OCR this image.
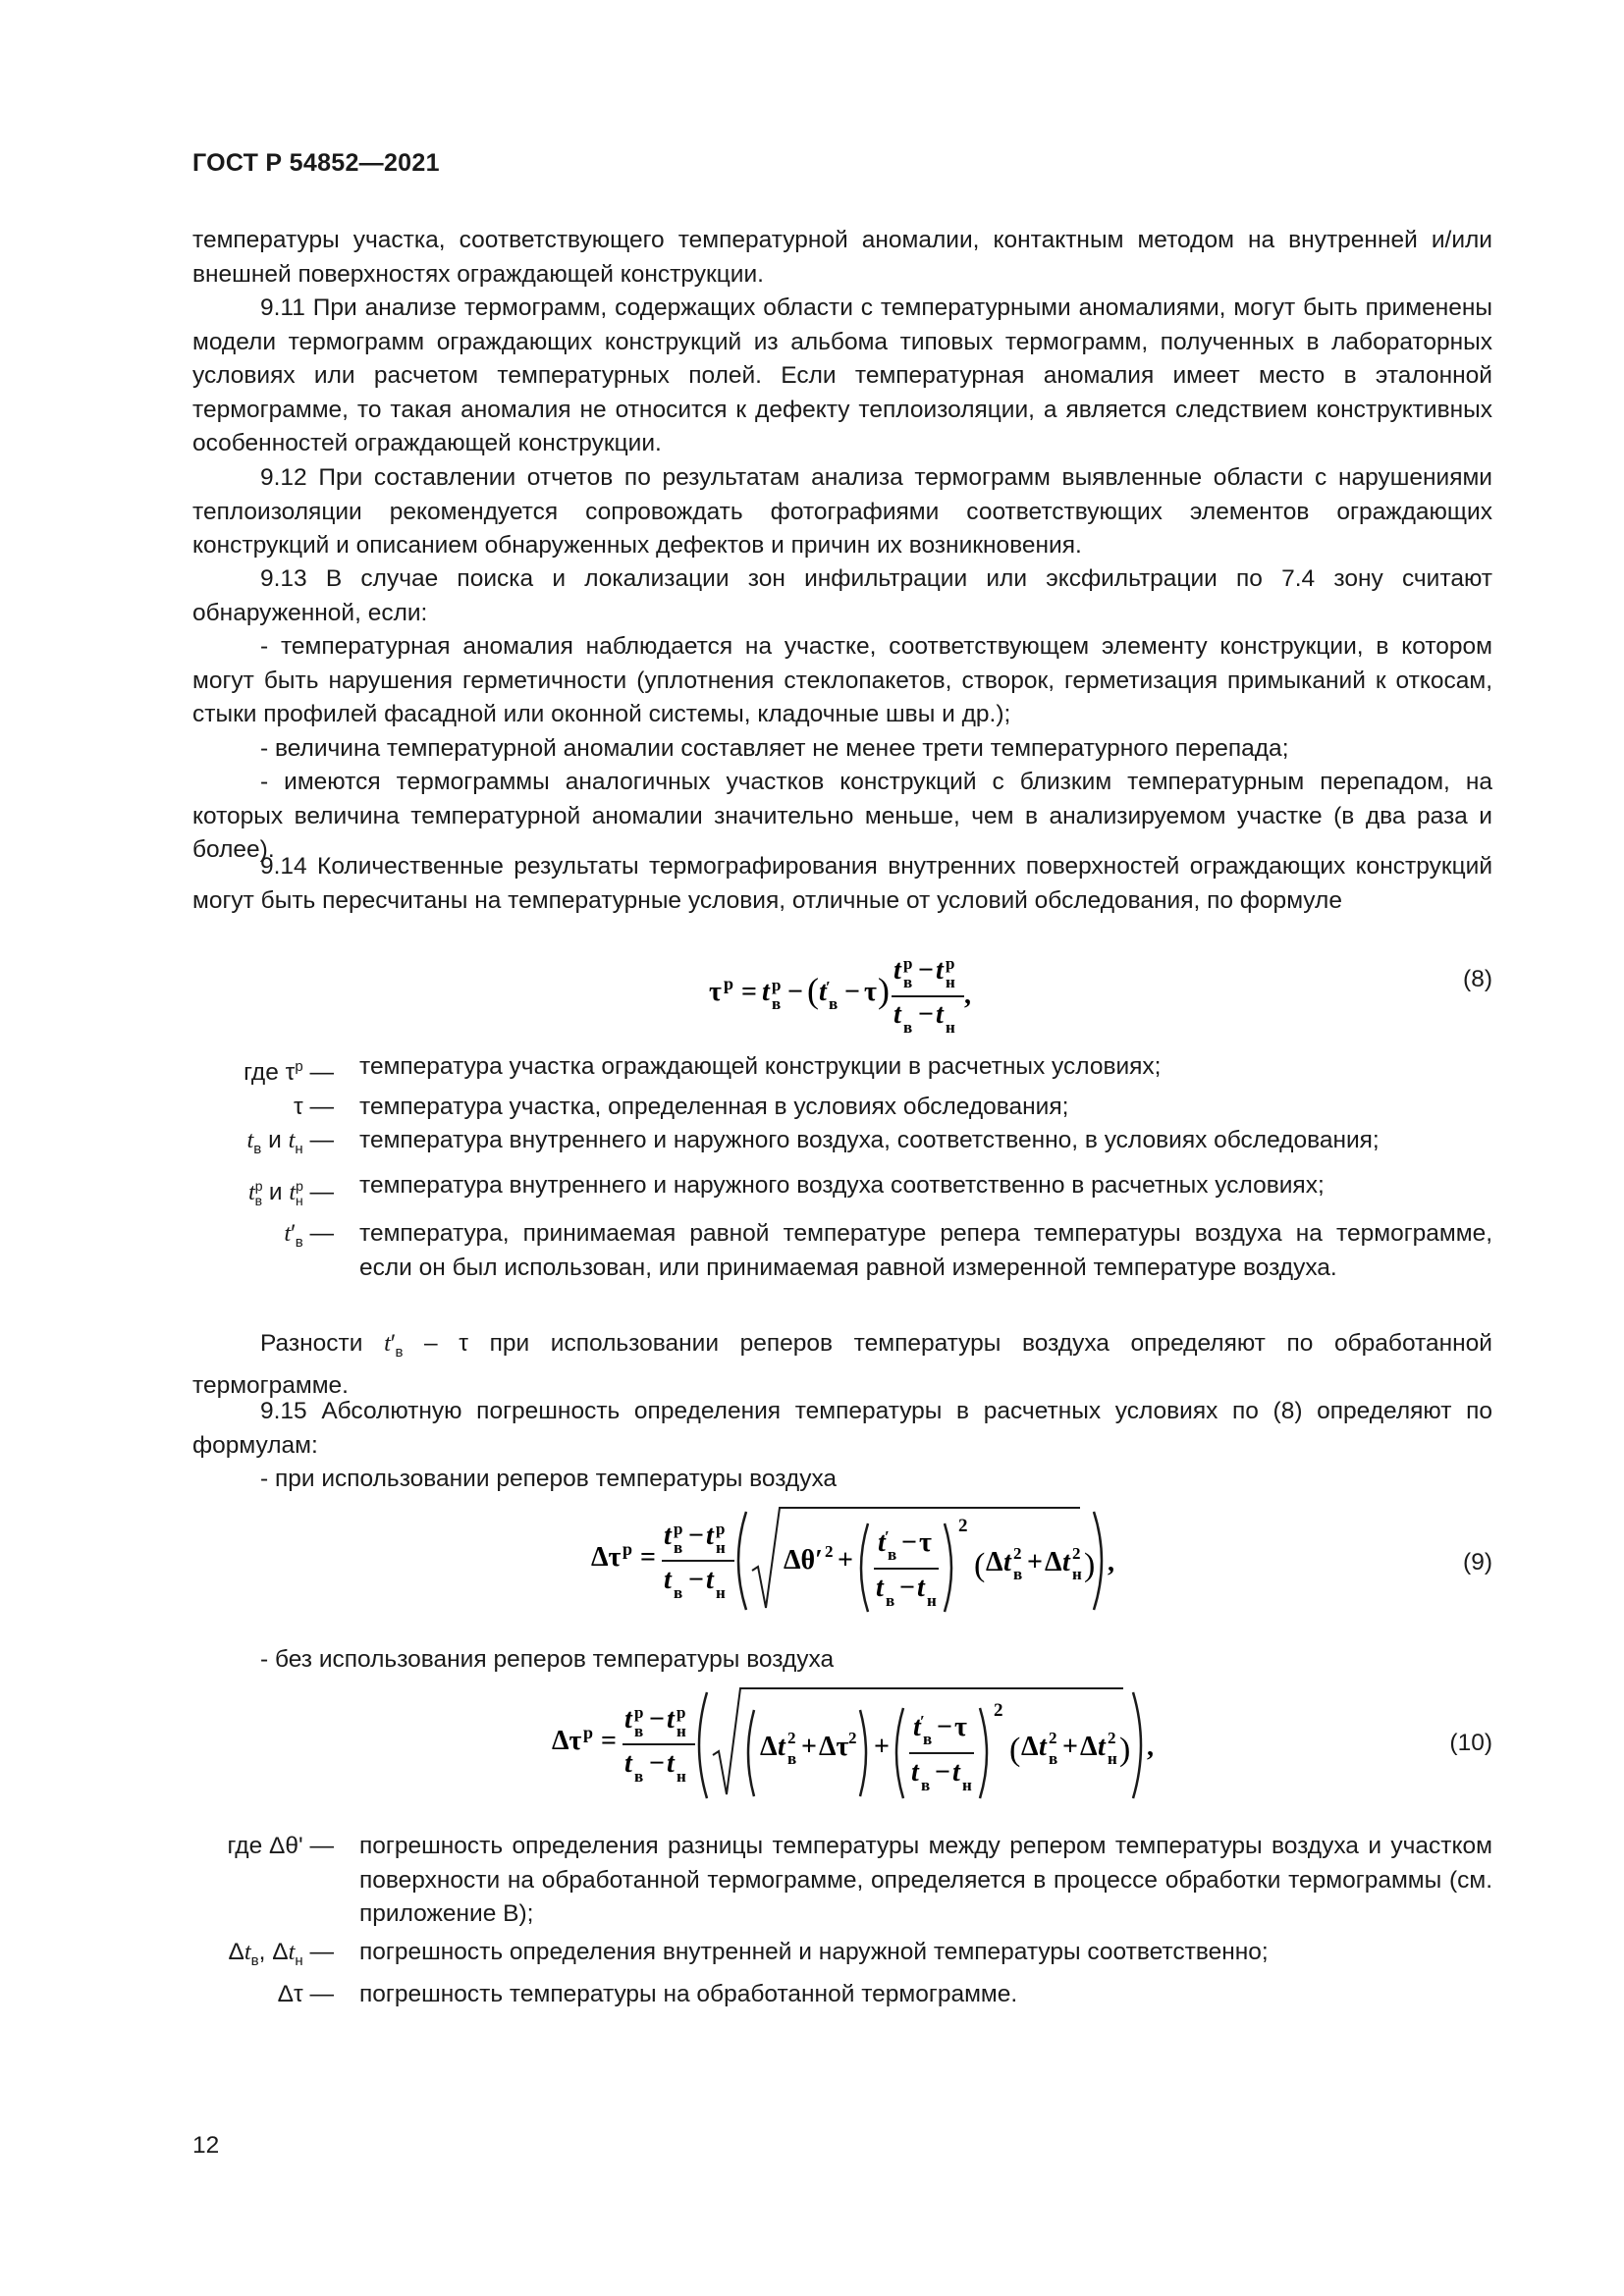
ГОСТ Р 54852—2021

температуры участка, соответствующего температурной аномалии, контактным методом на внутренней и/или внешней поверхностях ограждающей конструкции.

9.11 При анализе термограмм, содержащих области с температурными аномалиями, могут быть применены модели термограмм ограждающих конструкций из альбома типовых термограмм, полученных в лабораторных условиях или расчетом температурных полей. Если температурная аномалия имеет место в эталонной термограмме, то такая аномалия не относится к дефекту теплоизоляции, а является следствием конструктивных особенностей ограждающей конструкции.

9.12 При составлении отчетов по результатам анализа термограмм выявленные области с нарушениями теплоизоляции рекомендуется сопровождать фотографиями соответствующих элементов ограждающих конструкций и описанием обнаруженных дефектов и причин их возникновения.

9.13 В случае поиска и локализации зон инфильтрации или эксфильтрации по 7.4 зону считают обнаруженной, если:

- температурная аномалия наблюдается на участке, соответствующем элементу конструкции, в котором могут быть нарушения герметичности (уплотнения стеклопакетов, створок, герметизация примыканий к откосам, стыки профилей фасадной или оконной системы, кладочные швы и др.);

- величина температурной аномалии составляет не менее трети температурного перепада;

- имеются термограммы аналогичных участков конструкций с близким температурным перепадом, на которых величина температурной аномалии значительно меньше, чем в анализируемом участке (в два раза и более).

9.14 Количественные результаты термографирования внутренних поверхностей ограждающих конструкций могут быть пересчитаны на температурные условия, отличные от условий обследования, по формуле

τ р = t р
в − ( t ′
в − τ )
t р
в − t р
н
t в − t н
,
(8)
где $\tau^р$ —	температура участка ограждающей конструкции в расчетных условиях;
τ —	температура участка, определенная в условиях обследования;
$t_в$ и $t_н$ —	температура внутреннего и наружного воздуха, соответственно, в условиях обследования;
$t^р_в$ и $t^р_н$ —	температура внутреннего и наружного воздуха соответственно в расчетных условиях;
$t'_в$ —	температура, принимаемая равной температуре репера температуры воздуха на термограмме, если он был использован, или принимаемая равной измеренной температуре воздуха.

Разности $t'_в$ – τ при использовании реперов температуры воздуха определяют по обработанной термограмме.

9.15 Абсолютную погрешность определения температуры в расчетных условиях по (8) определяют по формулам:

- при использовании реперов температуры воздуха

Δτ р =
t р
в − t р
н
t в − t н
Δθ′ 2 +
t ′
в − τ
t в − t н
2
( Δ t 2
в + Δ t 2
н ) ,	(9)

- без использования реперов температуры воздуха

Δτ р =
t р
в − t р
н
t в − t н
Δ t 2
в + Δτ 2 +
t ′
в − τ
t в − t н
2
( Δ t 2
в + Δ t 2
н ) ,	(10)
где Δθ' —	погрешность определения разницы температуры между репером температуры воздуха и участком поверхности на обработанной термограмме, определяется в процессе обработки термограммы (см. приложение В);
$\Delta t_в$, $\Delta t_н$ —	погрешность определения внутренней и наружной температуры соответственно;
Δτ —	погрешность температуры на обработанной термограмме.
12
